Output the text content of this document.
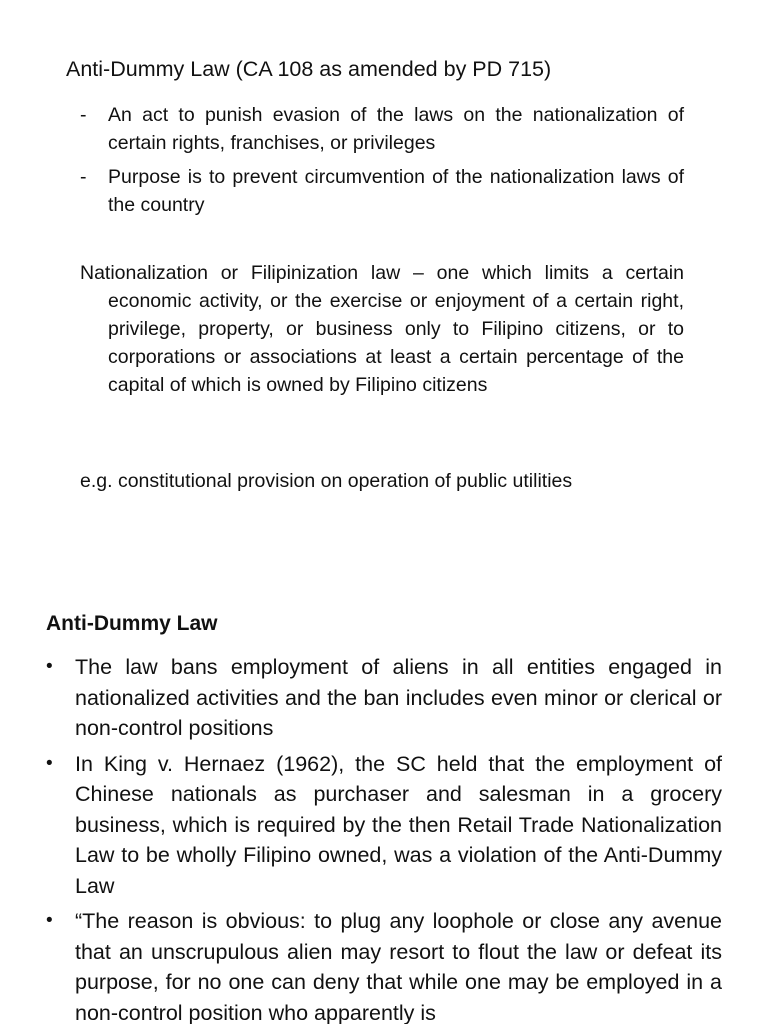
Anti-Dummy Law (CA 108 as amended by PD 715)
- An act to punish evasion of the laws on the nationalization of certain rights, franchises, or privileges
- Purpose is to prevent circumvention of the nationalization laws of the country
Nationalization or Filipinization law – one which limits a certain economic activity, or the exercise or enjoyment of a certain right, privilege, property, or business only to Filipino citizens, or to corporations or associations at least a certain percentage of the capital of which is owned by Filipino citizens
e.g. constitutional provision on operation of public utilities
Anti-Dummy Law
• The law bans employment of aliens in all entities engaged in nationalized activities and the ban includes even minor or clerical or non-control positions
• In King v. Hernaez (1962), the SC held that the employment of Chinese nationals as purchaser and salesman in a grocery business, which is required by the then Retail Trade Nationalization Law to be wholly Filipino owned, was a violation of the Anti-Dummy Law
• “The reason is obvious: to plug any loophole or close any avenue that an unscrupulous alien may resort to flout the law or defeat its purpose, for no one can deny that while one may be employed in a non-control position who apparently is
